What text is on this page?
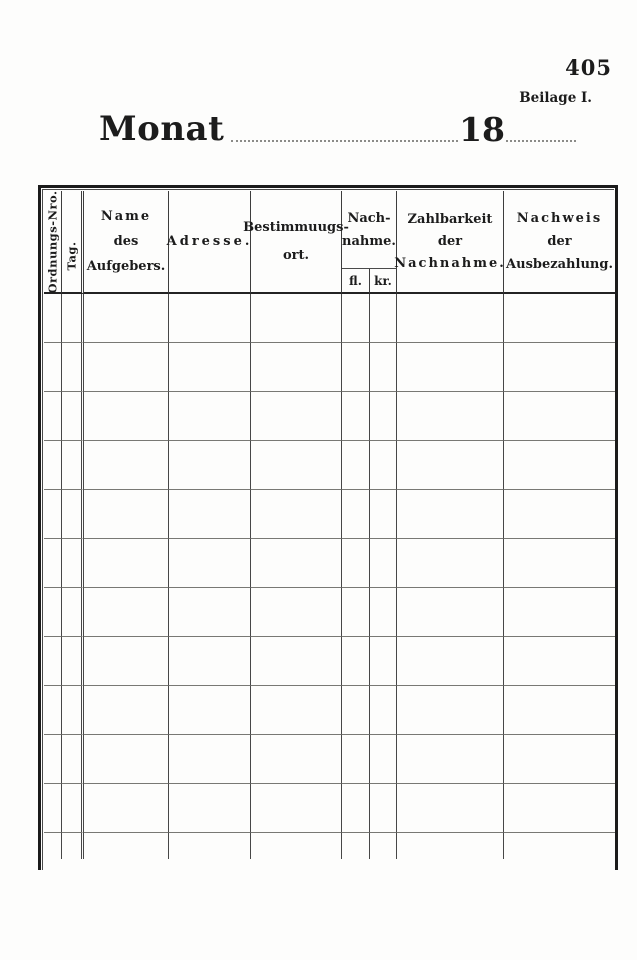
405
Beilage I.
Monat	18
Ordnungs-Nro. Tag.
Name
des
Aufgebers.
Adresse.
Bestimmuugs-
ort.
Nach-
nahme.
fl. kr.
Zahlbarkeit
der
Nachnahme.
Nachweis
der
Ausbezahlung.
